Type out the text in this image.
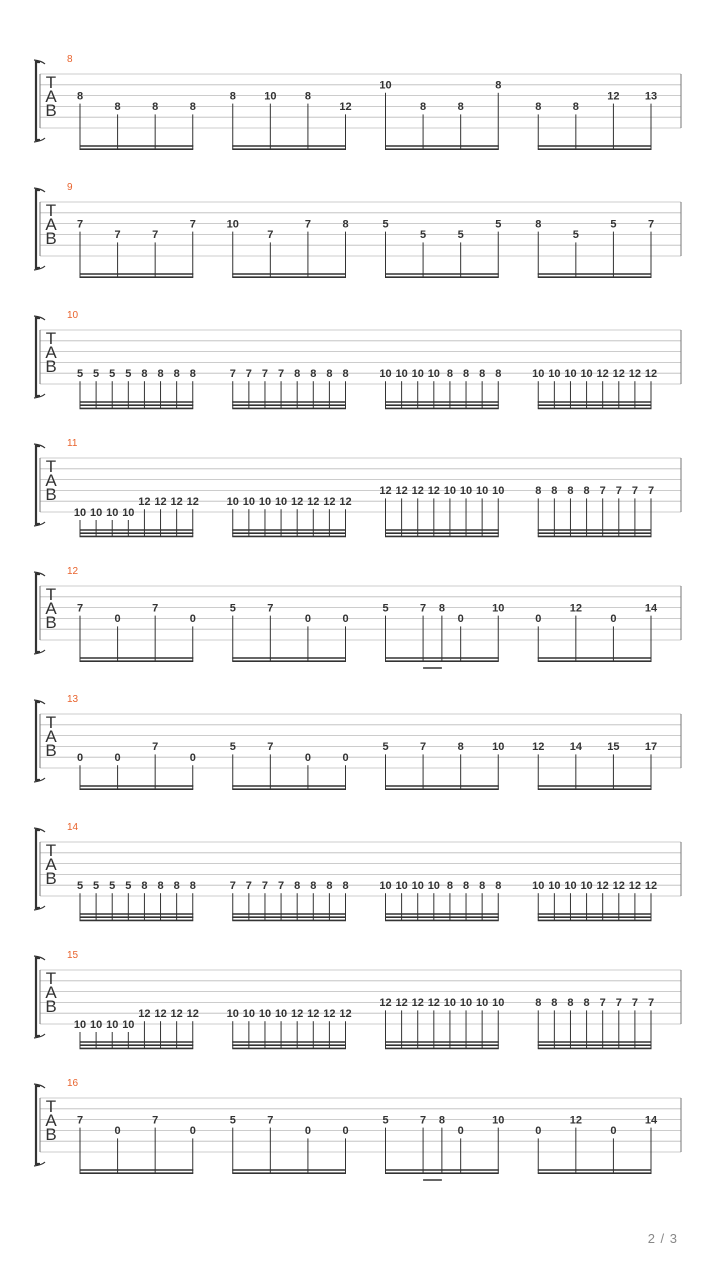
8
T
A
B
8
8	8	8
8	10	8
12
10
8	8
8
8	8
12 13
9
T
A
B
7
7	7
7	10
7
7	8	5
5	5
5	8
5
5	7
10
T
A
B 5 5 5 5 8 8 8 8	7 7 7 7 8 8 8 8	10 10 10 10 8 8 8 8	10 10 10 10 12 12 12 12
11
T
A
B
10 10 10 10
12 12 12 12	10 10 10 10 12 12 12 12
12 12 12 12 10 10 10 10	8 8 8 8 7 7 7 7
12
T
A
B
7
0
7
0
5	7
0	0
5	7 8
0
10
0
12
0
14
13
T
A
B 0	0
7
0
5	7
0	0
5	7	8	10	12 14 15 17
14
T
A
B 5 5 5 5 8 8 8 8	7 7 7 7 8 8 8 8	10 10 10 10 8 8 8 8	10 10 10 10 12 12 12 12
15
T
A
B
10 10 10 10
12 12 12 12	10 10 10 10 12 12 12 12
12 12 12 12 10 10 10 10	8 8 8 8 7 7 7 7
16
T
A
B
7
0
7
0
5	7
0	0
5	7 8
0
10
0
12
0
14
2 / 3
